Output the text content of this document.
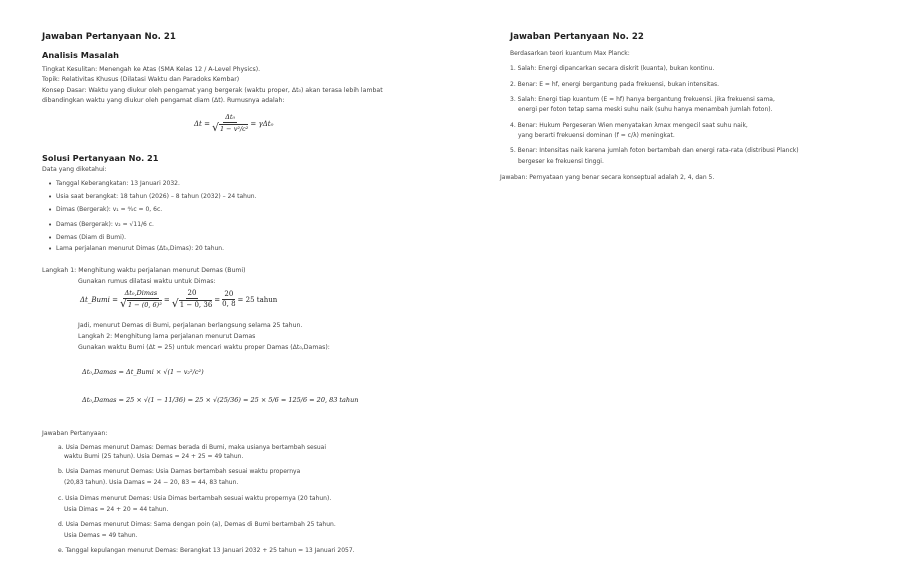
Jawaban Pertanyaan No. 21
Analisis Masalah
Tingkat Kesulitan: Menengah ke Atas (SMA Kelas 12 / A-Level Physics).
Topik: Relativitas Khusus (Dilatasi Waktu dan Paradoks Kembar)
Konsep Dasar: Waktu yang diukur oleh pengamat yang bergerak (waktu proper, Δt₀) akan terasa lebih lambat
dibandingkan waktu yang diukur oleh pengamat diam (Δt). Rumusnya adalah:
$\Delta t = \frac{\text{Δt₀}}{\text{√1 − v²/c²}} = \gamma\Delta t_0$
Solusi Pertanyaan No. 21
Data yang diketahui:
• Tanggal Keberangkatan: 13 Januari 2032.
• Usia saat berangkat: 18 tahun (2026) – 8 tahun (2032) – 24 tahun.
• Dimas (Bergerak): v₁ = ⅘c = 0, 6c.
• Damas (Bergerak): v₂ = √11/6 c.
• Demas (Diam di Bumi).
• Lama perjalanan menurut Dimas (Δt₀,Dimas): 20 tahun.
Langkah 1: Menghitung waktu perjalanan menurut Demas (Bumi)
Gunakan rumus dilatasi waktu untuk Dimas:
Δt_Bumi = $\frac{\text{Δt₀,Dimas}}{\text{√1 − (0, 6)²}} = \frac{20}{√1 - 0, 36} = \frac{20}{0, 8} = 25$ tahun
Jadi, menurut Demas di Bumi, perjalanan berlangsung selama 25 tahun.
Langkah 2: Menghitung lama perjalanan menurut Damas
Gunakan waktu Bumi (Δt = 25) untuk mencari waktu proper Damas (Δt₀,Damas):
Δt₀,Damas = Δt_Bumi × √(1 − v₂²/c²)
Δt₀,Damas = 25 × √(1 − 11/36) = 25 × √(25/36) = 25 × 5/6 = 125/6 = 20, 83 tahun
Jawaban Pertanyaan:
a. Usia Demas menurut Damas: Demas berada di Bumi, maka usianya bertambah sesuai
waktu Bumi (25 tahun). Usia Demas = 24 + 25 = 49 tahun.
b. Usia Damas menurut Demas: Usia Damas bertambah sesuai waktu propernya
(20,83 tahun). Usia Damas = 24 − 20, 83 = 44, 83 tahun.
c. Usia Dimas menurut Demas: Usia Dimas bertambah sesuai waktu propernya (20 tahun).
Usia Dimas = 24 + 20 = 44 tahun.
d. Usia Demas menurut Dimas: Sama dengan poin (a), Demas di Bumi bertambah 25 tahun.
Usia Demas = 49 tahun.
e. Tanggal kepulangan menurut Demas: Berangkat 13 Januari 2032 + 25 tahun = 13 Januari 2057.
Jawaban Pertanyaan No. 22
Berdasarkan teori kuantum Max Planck:
1. Salah: Energi dipancarkan secara diskrit (kuanta), bukan kontinu.
2. Benar: E = hf, energi bergantung pada frekuensi, bukan intensitas.
3. Salah: Energi tiap kuantum (E = hf) hanya bergantung frekuensi. Jika frekuensi sama,
energi per foton tetap sama meski suhu naik (suhu hanya menambah jumlah foton).
4. Benar: Hukum Pergeseran Wien menyatakan λmax mengecil saat suhu naik,
yang berarti frekuensi dominan (f = c/λ) meningkat.
5. Benar: Intensitas naik karena jumlah foton bertambah dan energi rata-rata (distribusi Planck)
bergeser ke frekuensi tinggi.
Jawaban: Pernyataan yang benar secara konseptual adalah 2, 4, dan 5.
